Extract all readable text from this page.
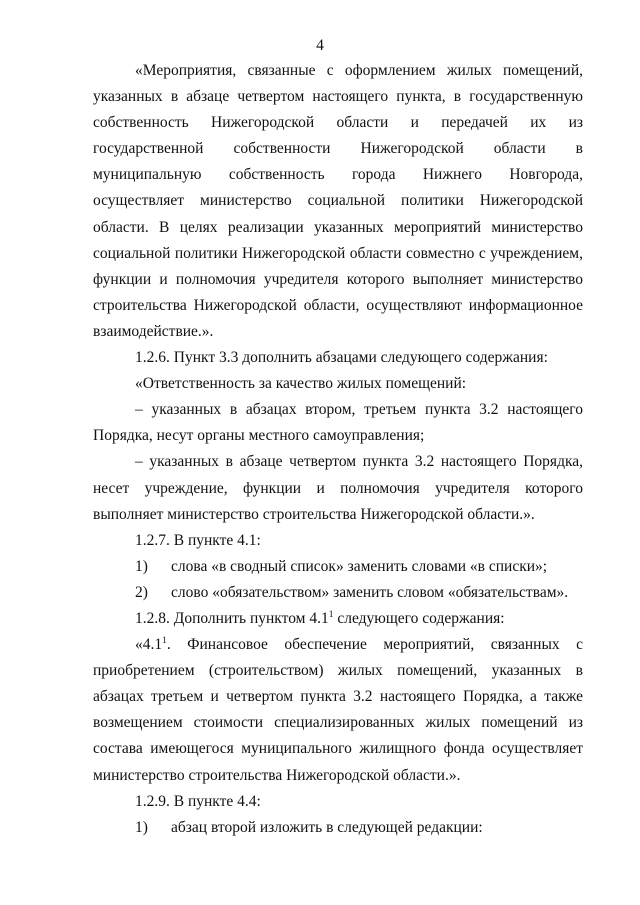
4

«Мероприятия, связанные с оформлением жилых помещений, указанных в абзаце четвертом настоящего пункта, в государственную собственность Нижегородской области и передачей их из государственной собственности Нижегородской области в муниципальную собственность города Нижнего Новгорода, осуществляет министерство социальной политики Нижегородской области. В целях реализации указанных мероприятий министерство социальной политики Нижегородской области совместно с учреждением, функции и полномочия учредителя которого выполняет министерство строительства Нижегородской области, осуществляют информационное взаимодействие.».

1.2.6. Пункт 3.3 дополнить абзацами следующего содержания:

«Ответственность за качество жилых помещений:

– указанных в абзацах втором, третьем пункта 3.2 настоящего Порядка, несут органы местного самоуправления;

– указанных в абзаце четвертом пункта 3.2 настоящего Порядка, несет учреждение, функции и полномочия учредителя которого выполняет министерство строительства Нижегородской области.».

1.2.7. В пункте 4.1:

1) слова «в сводный список» заменить словами «в списки»;
2) слово «обязательством» заменить словом «обязательствам».

1.2.8. Дополнить пунктом $4.1^1$ следующего содержания:

«$4.1^1$. Финансовое обеспечение мероприятий, связанных с приобретением (строительством) жилых помещений, указанных в абзацах третьем и четвертом пункта 3.2 настоящего Порядка, а также возмещением стоимости специализированных жилых помещений из состава имеющегося муниципального жилищного фонда осуществляет министерство строительства Нижегородской области.».

1.2.9. В пункте 4.4:

1) абзац второй изложить в следующей редакции:
